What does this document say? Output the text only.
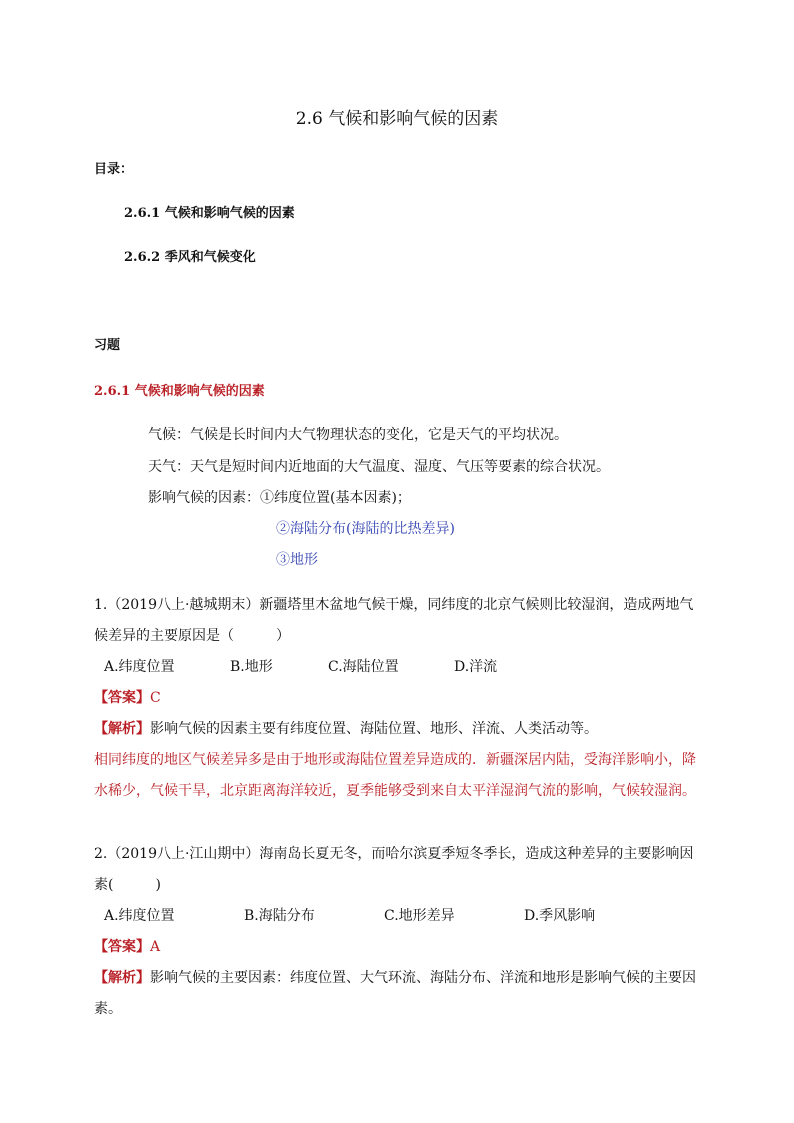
2.6 气候和影响气候的因素
目录：
2.6.1 气候和影响气候的因素
2.6.2 季风和气候变化
习题
2.6.1 气候和影响气候的因素
气候：气候是长时间内大气物理状态的变化，它是天气的平均状况。
天气：天气是短时间内近地面的大气温度、湿度、气压等要素的综合状况。
影响气候的因素：①纬度位置(基本因素)；
②海陆分布(海陆的比热差异)
③地形
1.（2019八上·越城期末）新疆塔里木盆地气候干燥，同纬度的北京气候则比较湿润，造成两地气
候差异的主要原因是（　　　）
A.纬度位置	B.地形	C.海陆位置	D.洋流
【答案】C
【解析】影响气候的因素主要有纬度位置、海陆位置、地形、洋流、人类活动等。
相同纬度的地区气候差异多是由于地形或海陆位置差异造成的．新疆深居内陆，受海洋影响小，降
水稀少，气候干旱，北京距离海洋较近，夏季能够受到来自太平洋湿润气流的影响，气候较湿润。
2.（2019八上·江山期中）海南岛长夏无冬，而哈尔滨夏季短冬季长，造成这种差异的主要影响因
素(　　　)
A.纬度位置	B.海陆分布	C.地形差异	D.季风影响
【答案】A
【解析】影响气候的主要因素：纬度位置、大气环流、海陆分布、洋流和地形是影响气候的主要因
素。
